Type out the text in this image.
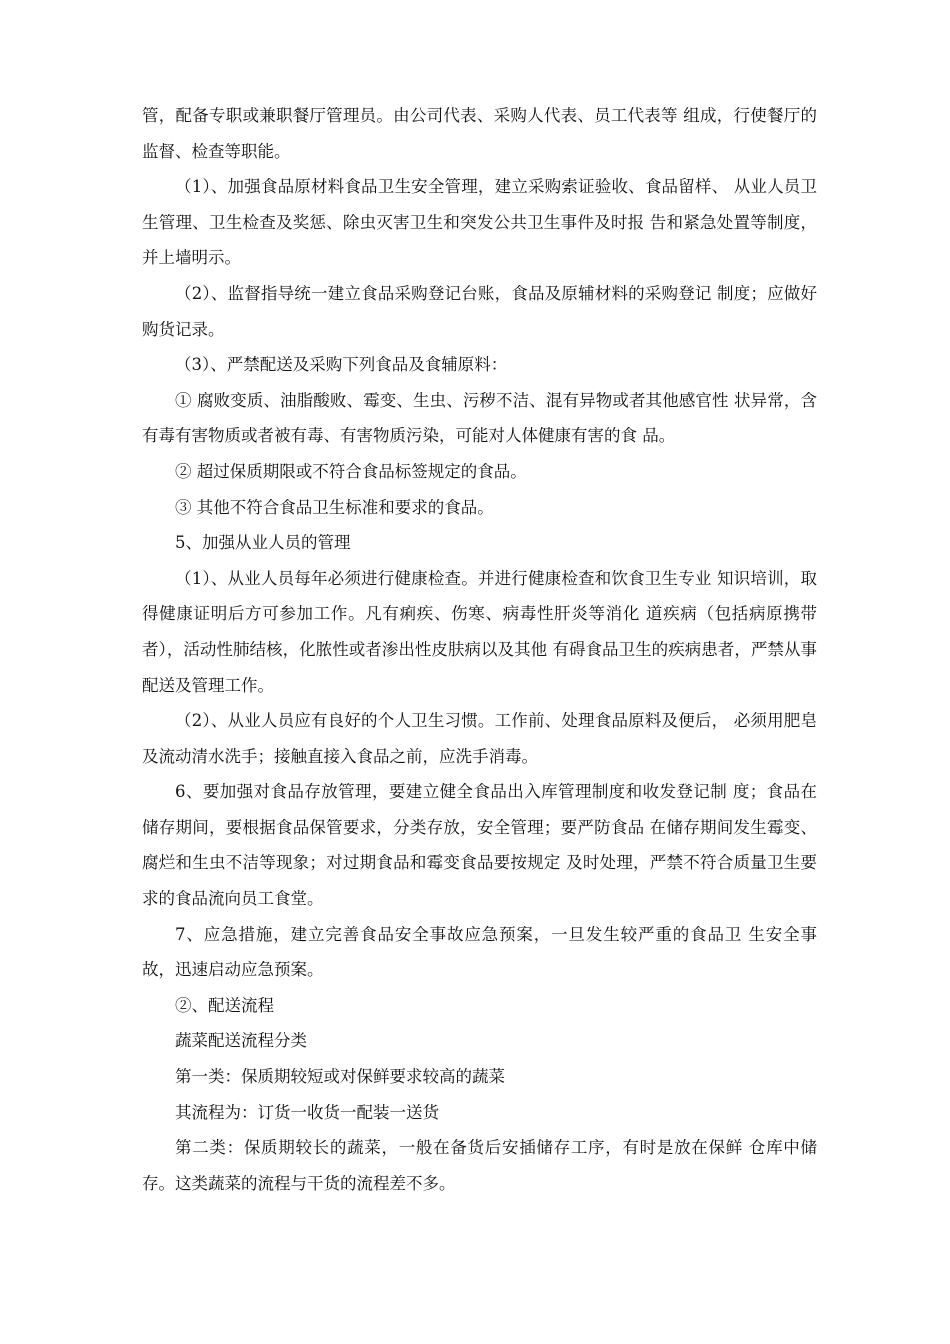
管，配备专职或兼职餐厅管理员。由公司代表、采购人代表、员工代表等 组成，行使餐厅的监督、检查等职能。

（1）、加强食品原材料食品卫生安全管理，建立采购索证验收、食品留样、 从业人员卫生管理、卫生检查及奖惩、除虫灭害卫生和突发公共卫生事件及时报 告和紧急处置等制度，并上墙明示。

（2）、监督指导统一建立食品采购登记台账，食品及原辅材料的采购登记 制度；应做好购货记录。

（3）、严禁配送及采购下列食品及食辅原料：

① 腐败变质、油脂酸败、霉变、生虫、污秽不洁、混有异物或者其他感官性 状异常，含有毒有害物质或者被有毒、有害物质污染，可能对人体健康有害的食 品。

② 超过保质期限或不符合食品标签规定的食品。

③ 其他不符合食品卫生标准和要求的食品。

5、加强从业人员的管理

（1）、从业人员每年必须进行健康检查。并进行健康检查和饮食卫生专业 知识培训，取得健康证明后方可参加工作。凡有痢疾、伤寒、病毒性肝炎等消化 道疾病（包括病原携带者），活动性肺结核，化脓性或者渗出性皮肤病以及其他 有碍食品卫生的疾病患者，严禁从事配送及管理工作。

（2）、从业人员应有良好的个人卫生习惯。工作前、处理食品原料及便后， 必须用肥皂及流动清水洗手；接触直接入食品之前，应洗手消毒。

6、要加强对食品存放管理，要建立健全食品出入库管理制度和收发登记制 度；食品在储存期间，要根据食品保管要求，分类存放，安全管理；要严防食品 在储存期间发生霉变、腐烂和生虫不洁等现象；对过期食品和霉变食品要按规定 及时处理，严禁不符合质量卫生要求的食品流向员工食堂。

7、应急措施，建立完善食品安全事故应急预案，一旦发生较严重的食品卫 生安全事故，迅速启动应急预案。

②、配送流程

蔬菜配送流程分类

第一类：保质期较短或对保鲜要求较高的蔬菜

其流程为：订货一收货一配装一送货

第二类：保质期较长的蔬菜，一般在备货后安插储存工序，有时是放在保鲜 仓库中储存。这类蔬菜的流程与干货的流程差不多。
